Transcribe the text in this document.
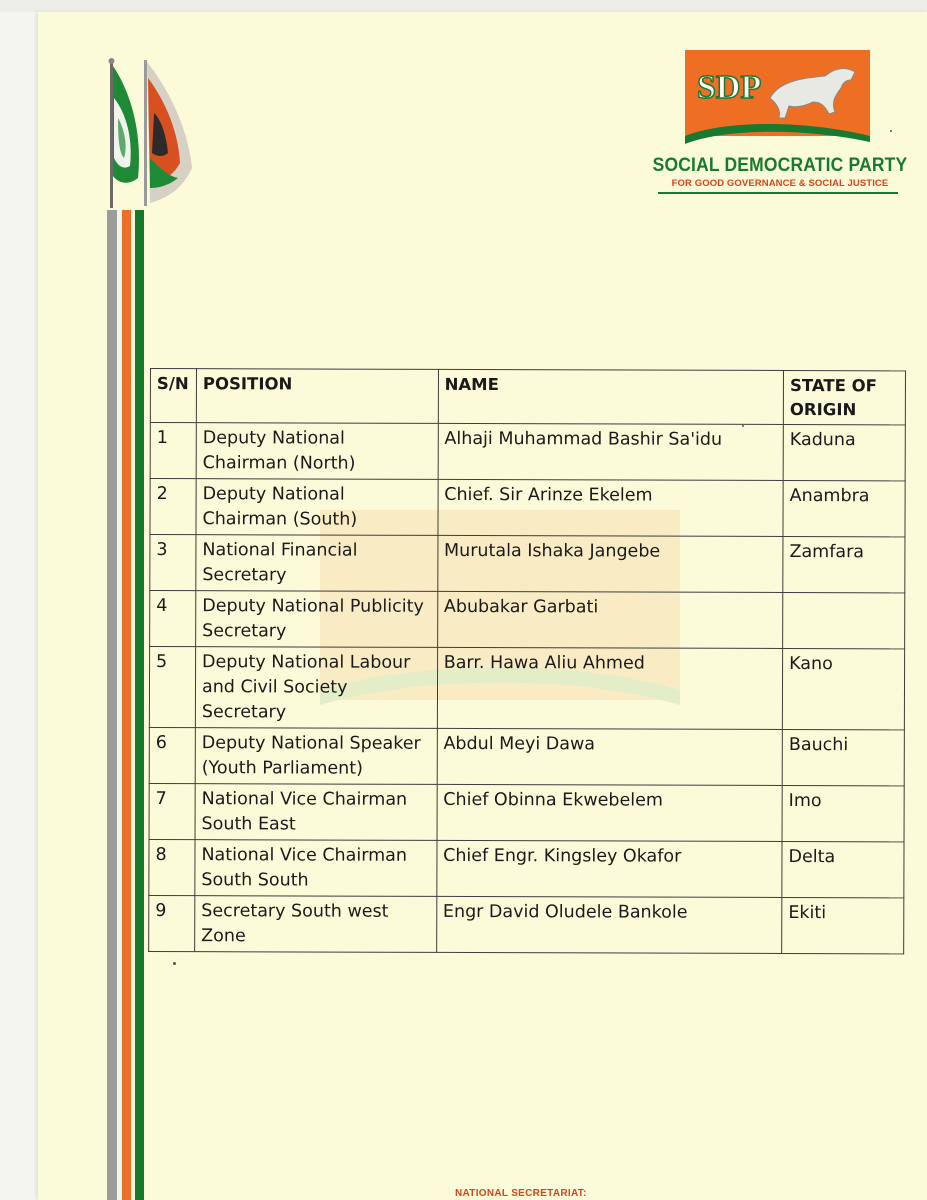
SDP
SOCIAL DEMOCRATIC PARTY
FOR GOOD GOVERNANCE & SOCIAL JUSTICE
S/N	POSITION	NAME	STATE OF ORIGIN
1	Deputy National Chairman (North)	Alhaji Muhammad Bashir Sa'idu	Kaduna
2	Deputy National Chairman (South)	Chief. Sir Arinze Ekelem	Anambra
3	National Financial Secretary	Murutala Ishaka Jangebe	Zamfara
4	Deputy National Publicity Secretary	Abubakar Garbati	
5	Deputy National Labour and Civil Society Secretary	Barr. Hawa Aliu Ahmed	Kano
6	Deputy National Speaker (Youth Parliament)	Abdul Meyi Dawa	Bauchi
7	National Vice Chairman South East	Chief Obinna Ekwebelem	Imo
8	National Vice Chairman South South	Chief Engr. Kingsley Okafor	Delta
9	Secretary South west Zone	Engr David Oludele Bankole	Ekiti
NATIONAL SECRETARIAT:
